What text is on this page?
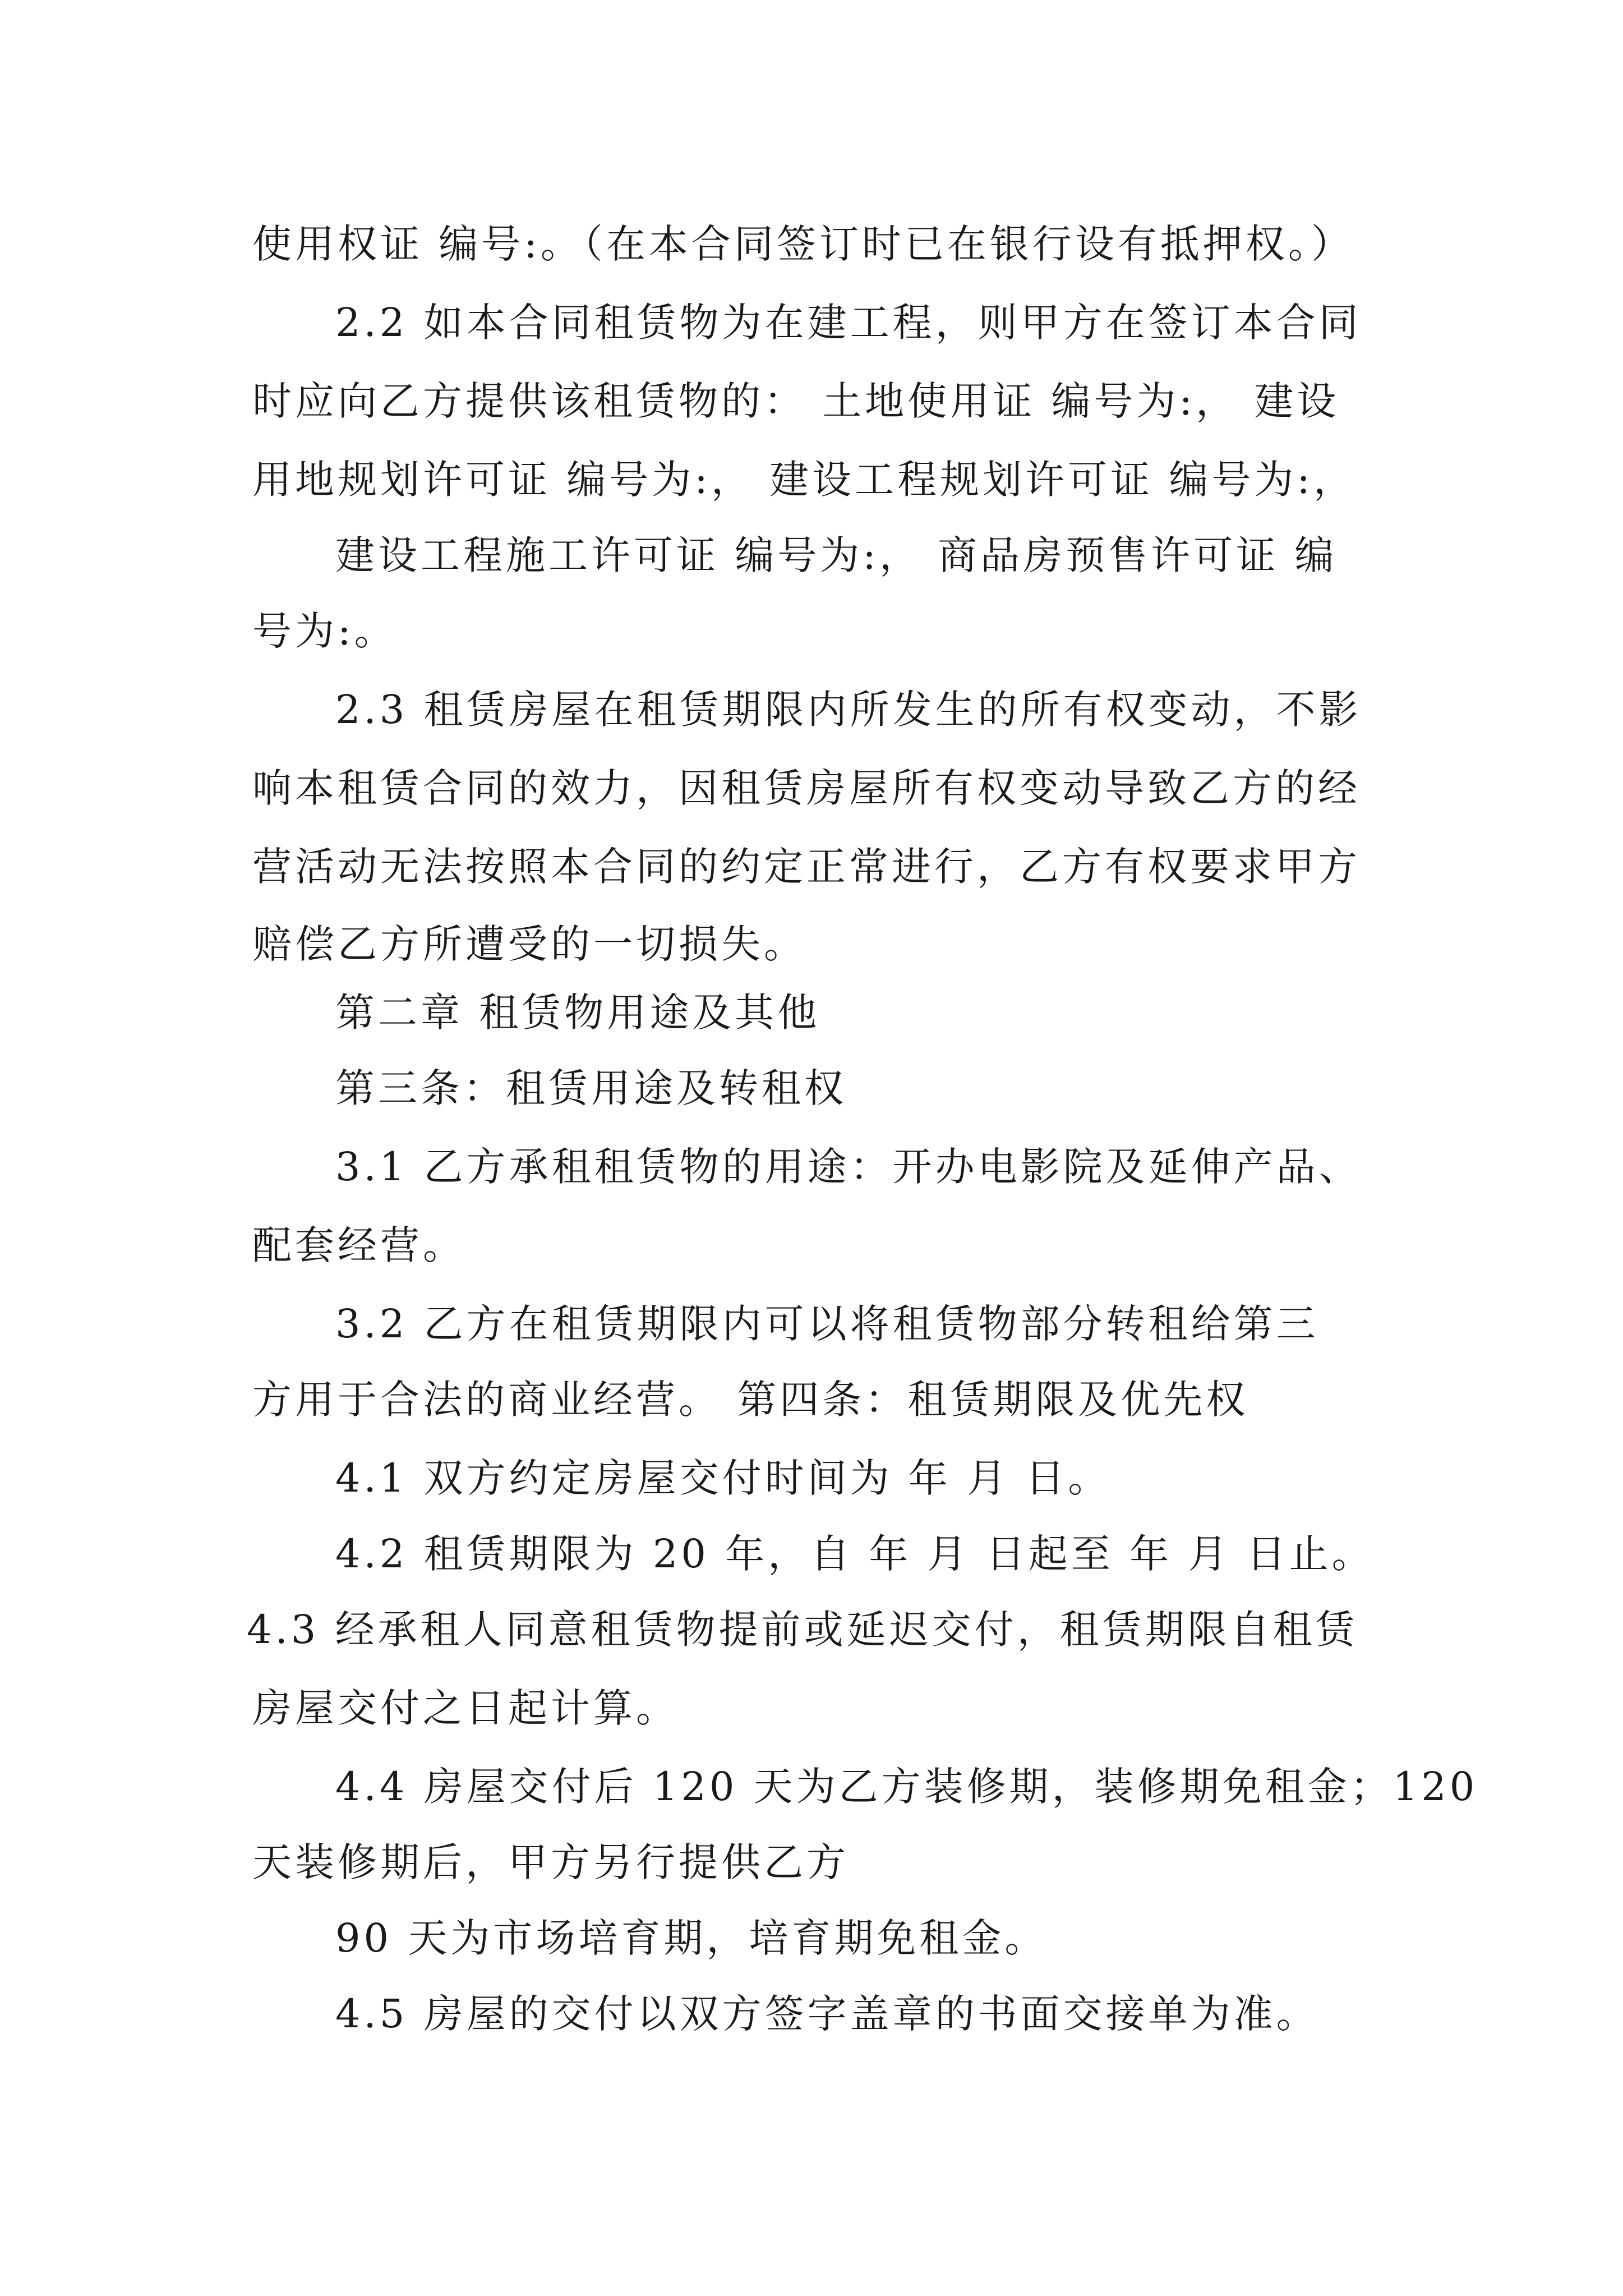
使用权证 编号:。（在本合同签订时已在银行设有抵押权。）
2.2 如本合同租赁物为在建工程，则甲方在签订本合同
时应向乙方提供该租赁物的： 土地使用证 编号为:， 建设
用地规划许可证 编号为:， 建设工程规划许可证 编号为:，
建设工程施工许可证 编号为:， 商品房预售许可证 编
号为:。
2.3 租赁房屋在租赁期限内所发生的所有权变动，不影
响本租赁合同的效力，因租赁房屋所有权变动导致乙方的经
营活动无法按照本合同的约定正常进行，乙方有权要求甲方
赔偿乙方所遭受的一切损失。
第二章 租赁物用途及其他
第三条：租赁用途及转租权
3.1 乙方承租租赁物的用途：开办电影院及延伸产品、
配套经营。
3.2 乙方在租赁期限内可以将租赁物部分转租给第三
方用于合法的商业经营。 第四条：租赁期限及优先权
4.1 双方约定房屋交付时间为 年 月 日。
4.2 租赁期限为 20 年，自 年 月 日起至 年 月 日止。
4.3 经承租人同意租赁物提前或延迟交付，租赁期限自租赁
房屋交付之日起计算。
4.4 房屋交付后 120 天为乙方装修期，装修期免租金；120
天装修期后，甲方另行提供乙方
90 天为市场培育期，培育期免租金。
4.5 房屋的交付以双方签字盖章的书面交接单为准。
